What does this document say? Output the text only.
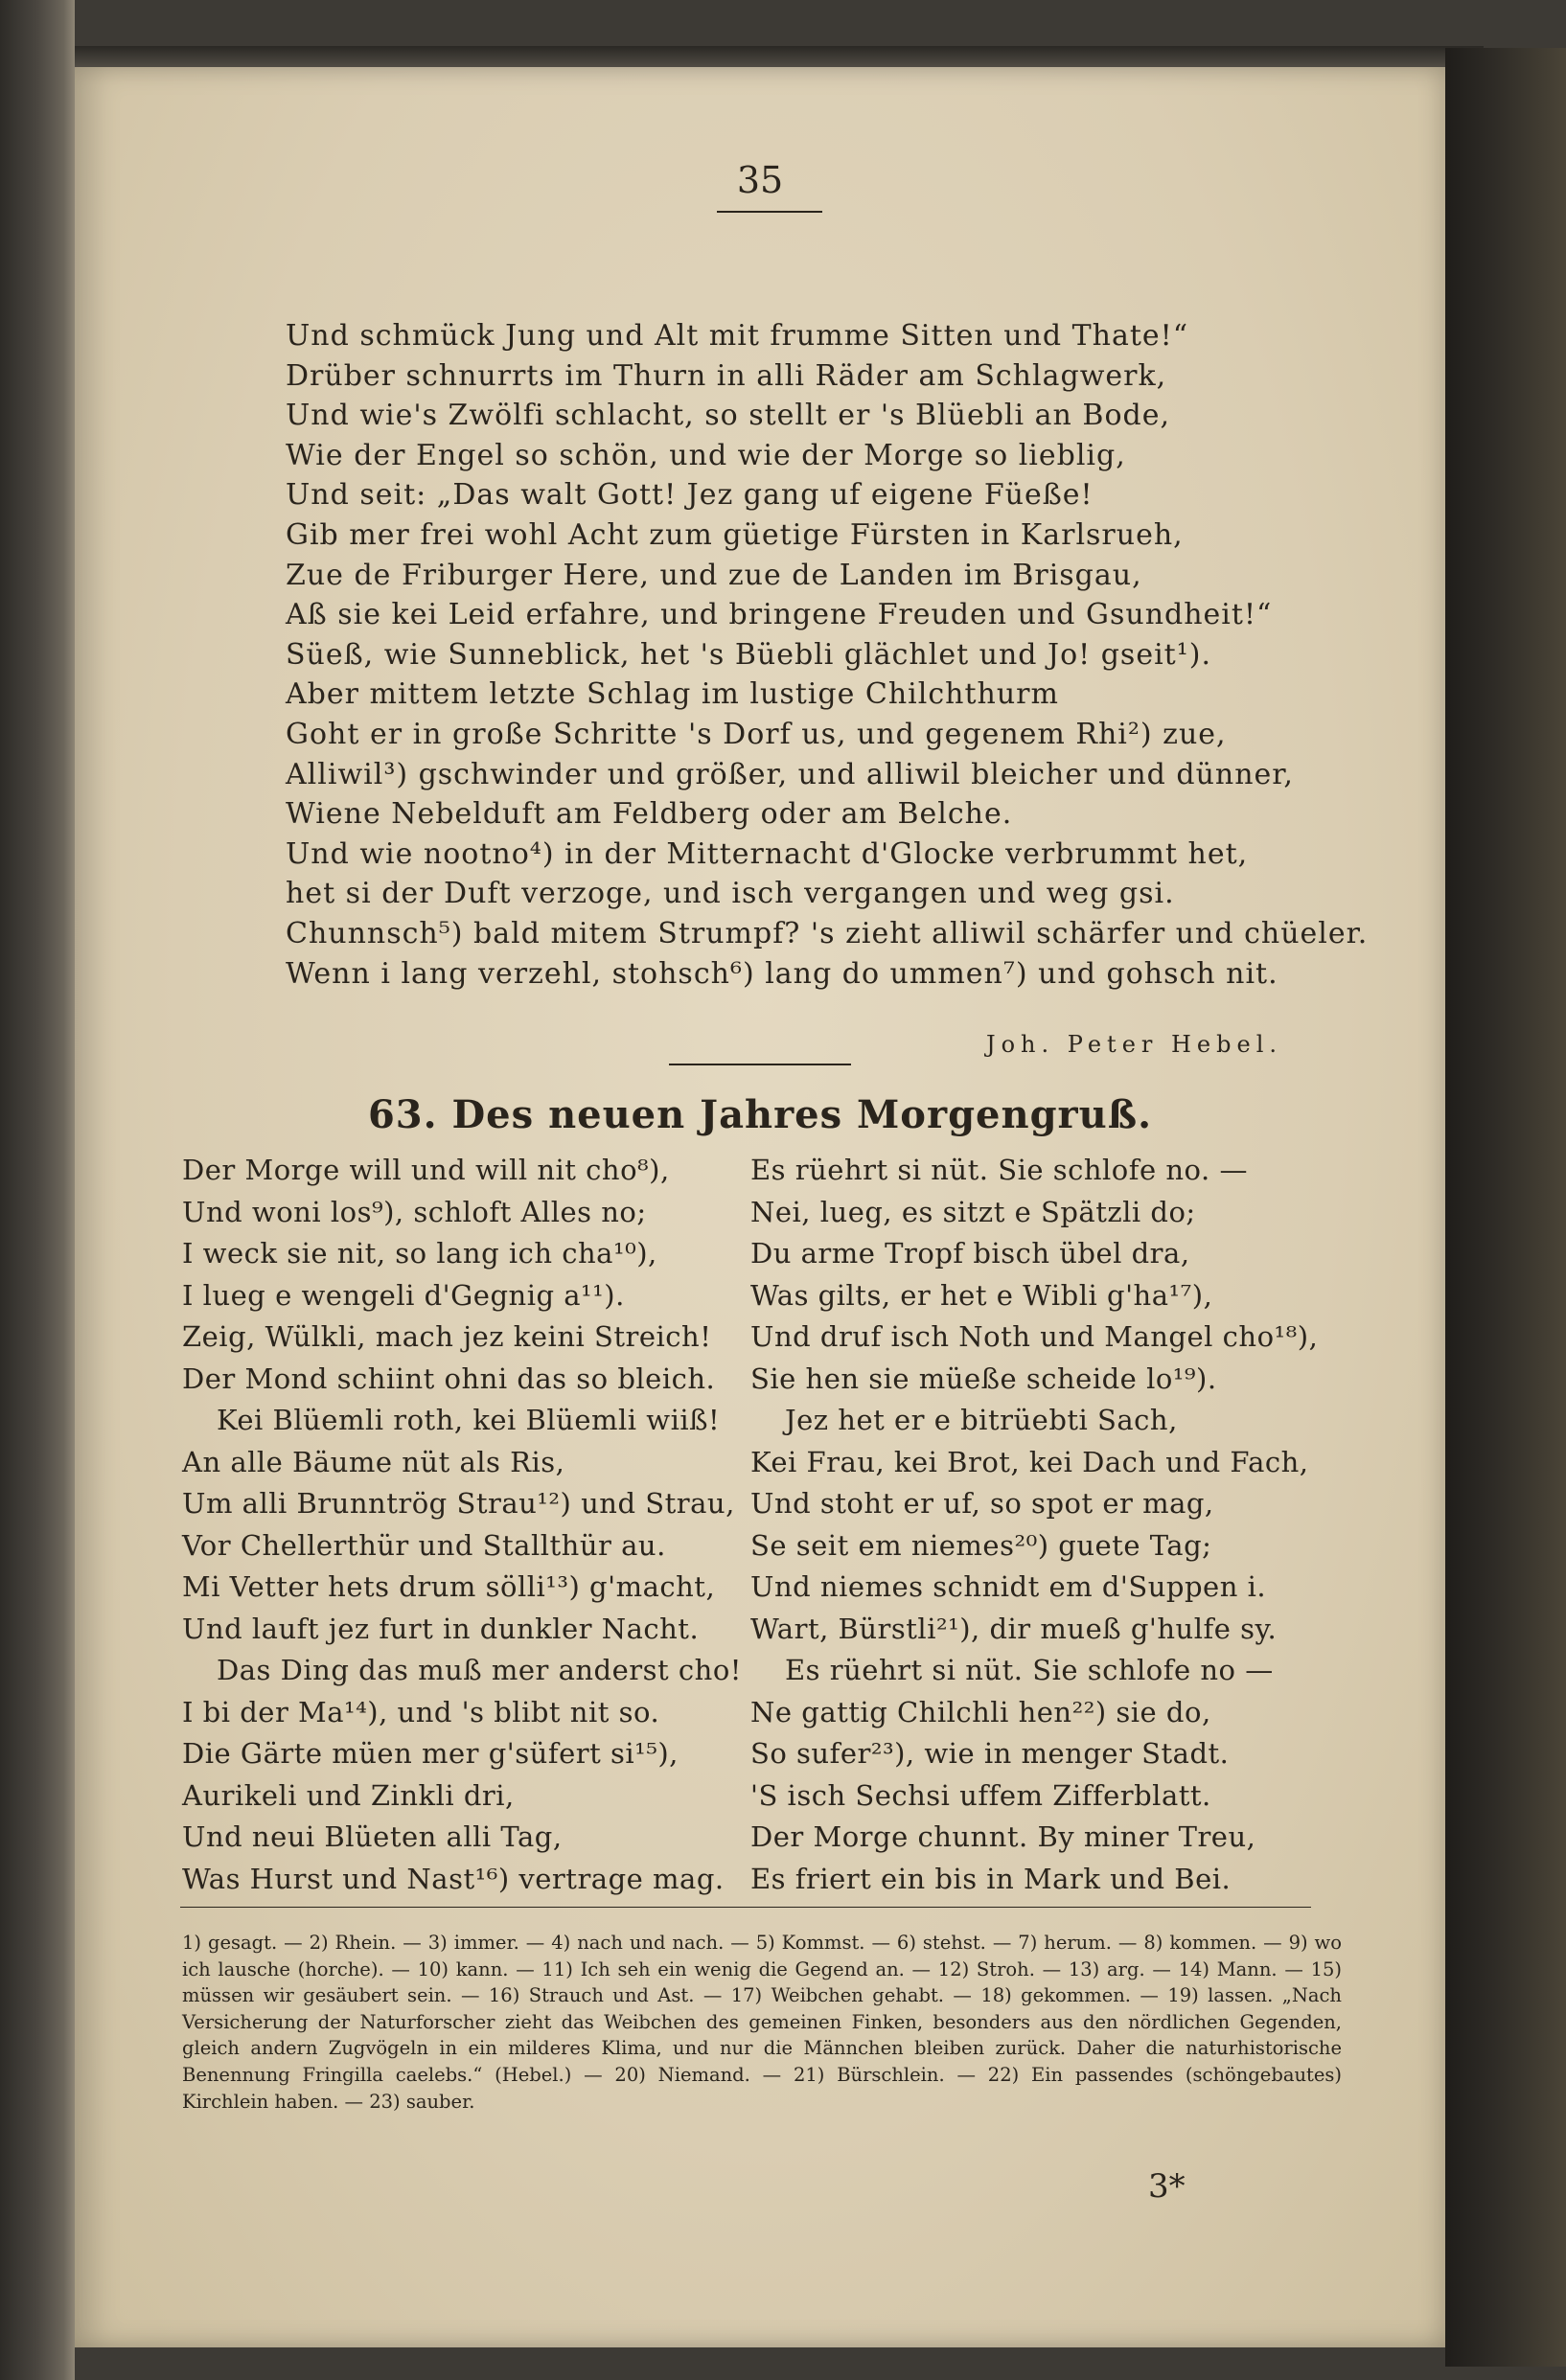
35
Und schmück Jung und Alt mit frumme Sitten und Thate!“
Drüber schnurrts im Thurn in alli Räder am Schlagwerk,
Und wie's Zwölfi schlacht, so stellt er 's Blüebli an Bode,
Wie der Engel so schön, und wie der Morge so lieblig,
Und seit: „Das walt Gott! Jez gang uf eigene Füeße!
Gib mer frei wohl Acht zum güetige Fürsten in Karlsrueh,
Zue de Friburger Here, und zue de Landen im Brisgau,
Aß sie kei Leid erfahre, und bringene Freuden und Gsundheit!“
Süeß, wie Sunneblick, het 's Büebli glächlet und Jo! gseit¹).
Aber mittem letzte Schlag im lustige Chilchthurm
Goht er in große Schritte 's Dorf us, und gegenem Rhi²) zue,
Alliwil³) gschwinder und größer, und alliwil bleicher und dünner,
Wiene Nebelduft am Feldberg oder am Belche.
Und wie nootno⁴) in der Mitternacht d'Glocke verbrummt het,
het si der Duft verzoge, und isch vergangen und weg gsi.
Chunnsch⁵) bald mitem Strumpf? 's zieht alliwil schärfer und chüeler.
Wenn i lang verzehl, stohsch⁶) lang do ummen⁷) und gohsch nit.
Joh. Peter Hebel.
63. Des neuen Jahres Morgengruß.
Der Morge will und will nit cho⁸),
Und woni los⁹), schloft Alles no;
I weck sie nit, so lang ich cha¹⁰),
I lueg e wengeli d'Gegnig a¹¹).
Zeig, Wülkli, mach jez keini Streich!
Der Mond schiint ohni das so bleich.
Kei Blüemli roth, kei Blüemli wiiß!
An alle Bäume nüt als Ris,
Um alli Brunntrög Strau¹²) und Strau,
Vor Chellerthür und Stallthür au.
Mi Vetter hets drum sölli¹³) g'macht,
Und lauft jez furt in dunkler Nacht.
Das Ding das muß mer anderst cho!
I bi der Ma¹⁴), und 's blibt nit so.
Die Gärte müen mer g'süfert si¹⁵),
Aurikeli und Zinkli dri,
Und neui Blüeten alli Tag,
Was Hurst und Nast¹⁶) vertrage mag.
Es rüehrt si nüt. Sie schlofe no. —
Nei, lueg, es sitzt e Spätzli do;
Du arme Tropf bisch übel dra,
Was gilts, er het e Wibli g'ha¹⁷),
Und druf isch Noth und Mangel cho¹⁸),
Sie hen sie müeße scheide lo¹⁹).
Jez het er e bitrüebti Sach,
Kei Frau, kei Brot, kei Dach und Fach,
Und stoht er uf, so spot er mag,
Se seit em niemes²⁰) guete Tag;
Und niemes schnidt em d'Suppen i.
Wart, Bürstli²¹), dir mueß g'hulfe sy.
Es rüehrt si nüt. Sie schlofe no —
Ne gattig Chilchli hen²²) sie do,
So sufer²³), wie in menger Stadt.
'S isch Sechsi uffem Zifferblatt.
Der Morge chunnt. By miner Treu,
Es friert ein bis in Mark und Bei.
1) gesagt. — 2) Rhein. — 3) immer. — 4) nach und nach. — 5) Kommst. — 6) stehst. — 7) herum. — 8) kommen. — 9) wo ich lausche (horche). — 10) kann. — 11) Ich seh ein wenig die Gegend an. — 12) Stroh. — 13) arg. — 14) Mann. — 15) müssen wir gesäubert sein. — 16) Strauch und Ast. — 17) Weibchen gehabt. — 18) gekommen. — 19) lassen. „Nach Versicherung der Naturforscher zieht das Weibchen des gemeinen Finken, besonders aus den nördlichen Gegenden, gleich andern Zugvögeln in ein milderes Klima, und nur die Männchen bleiben zurück. Daher die naturhistorische Benennung Fringilla caelebs.“ (Hebel.) — 20) Niemand. — 21) Bürschlein. — 22) Ein passendes (schöngebautes) Kirchlein haben. — 23) sauber.
3*
